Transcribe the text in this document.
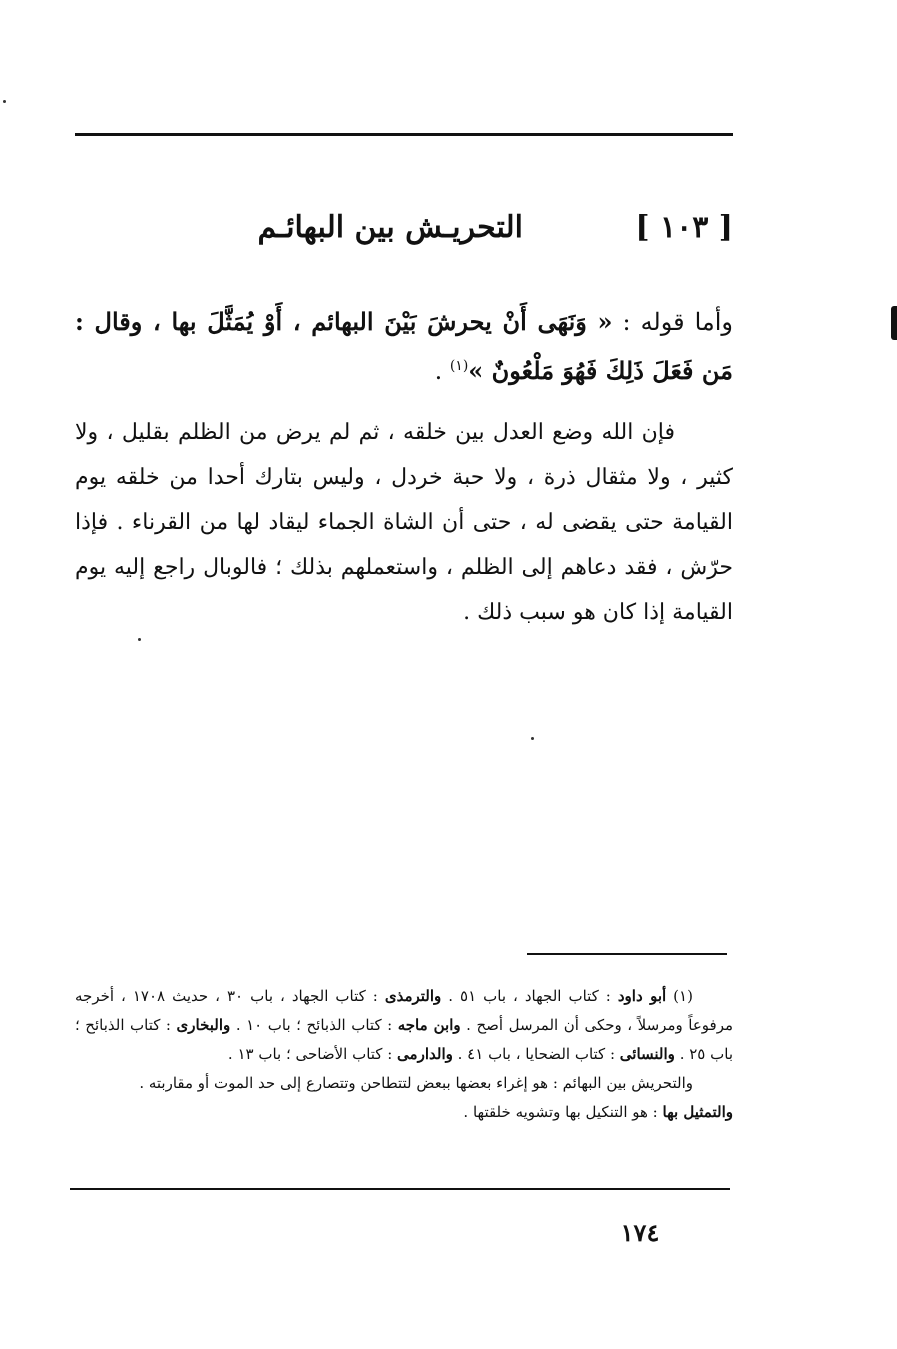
[ ١٠٣ ]
التحريـش بين البهائـم
وأما قوله : « وَنَهَى أَنْ يحرشَ بَيْنَ البهائم ، أَوْ يُمَثَّلَ بها ، وقال : مَن فَعَلَ ذَلِكَ فَهُوَ مَلْعُونٌ »$^{(١)}$ .
فإن الله وضع العدل بين خلقه ، ثم لم يرض من الظلم بقليل ، ولا كثير ، ولا مثقال ذرة ، ولا حبة خردل ، وليس بتارك أحدا من خلقه يوم القيامة حتى يقضى له ، حتى أن الشاة الجماء ليقاد لها من القرناء . فإذا حرّش ، فقد دعاهم إلى الظلم ، واستعملهم بذلك ؛ فالوبال راجع إليه يوم القيامة إذا كان هو سبب ذلك .

(١) أبو داود : كتاب الجهاد ، باب ٥١ . والترمذى : كتاب الجهاد ، باب ٣٠ ، حديث ١٧٠٨ ، أخرجه مرفوعاً ومرسلاً ، وحكى أن المرسل أصح . وابن ماجه : كتاب الذبائح ؛ باب ١٠ . والبخارى : كتاب الذبائح ؛ باب ٢٥ . والنسائى : كتاب الضحايا ، باب ٤١ . والدارمى : كتاب الأضاحى ؛ باب ١٣ .

والتحريش بين البهائم : هو إغراء بعضها ببعض لتتطاحن وتتصارع إلى حد الموت أو مقاربته .

والتمثيل بها : هو التنكيل بها وتشويه خلقتها .

١٧٤
